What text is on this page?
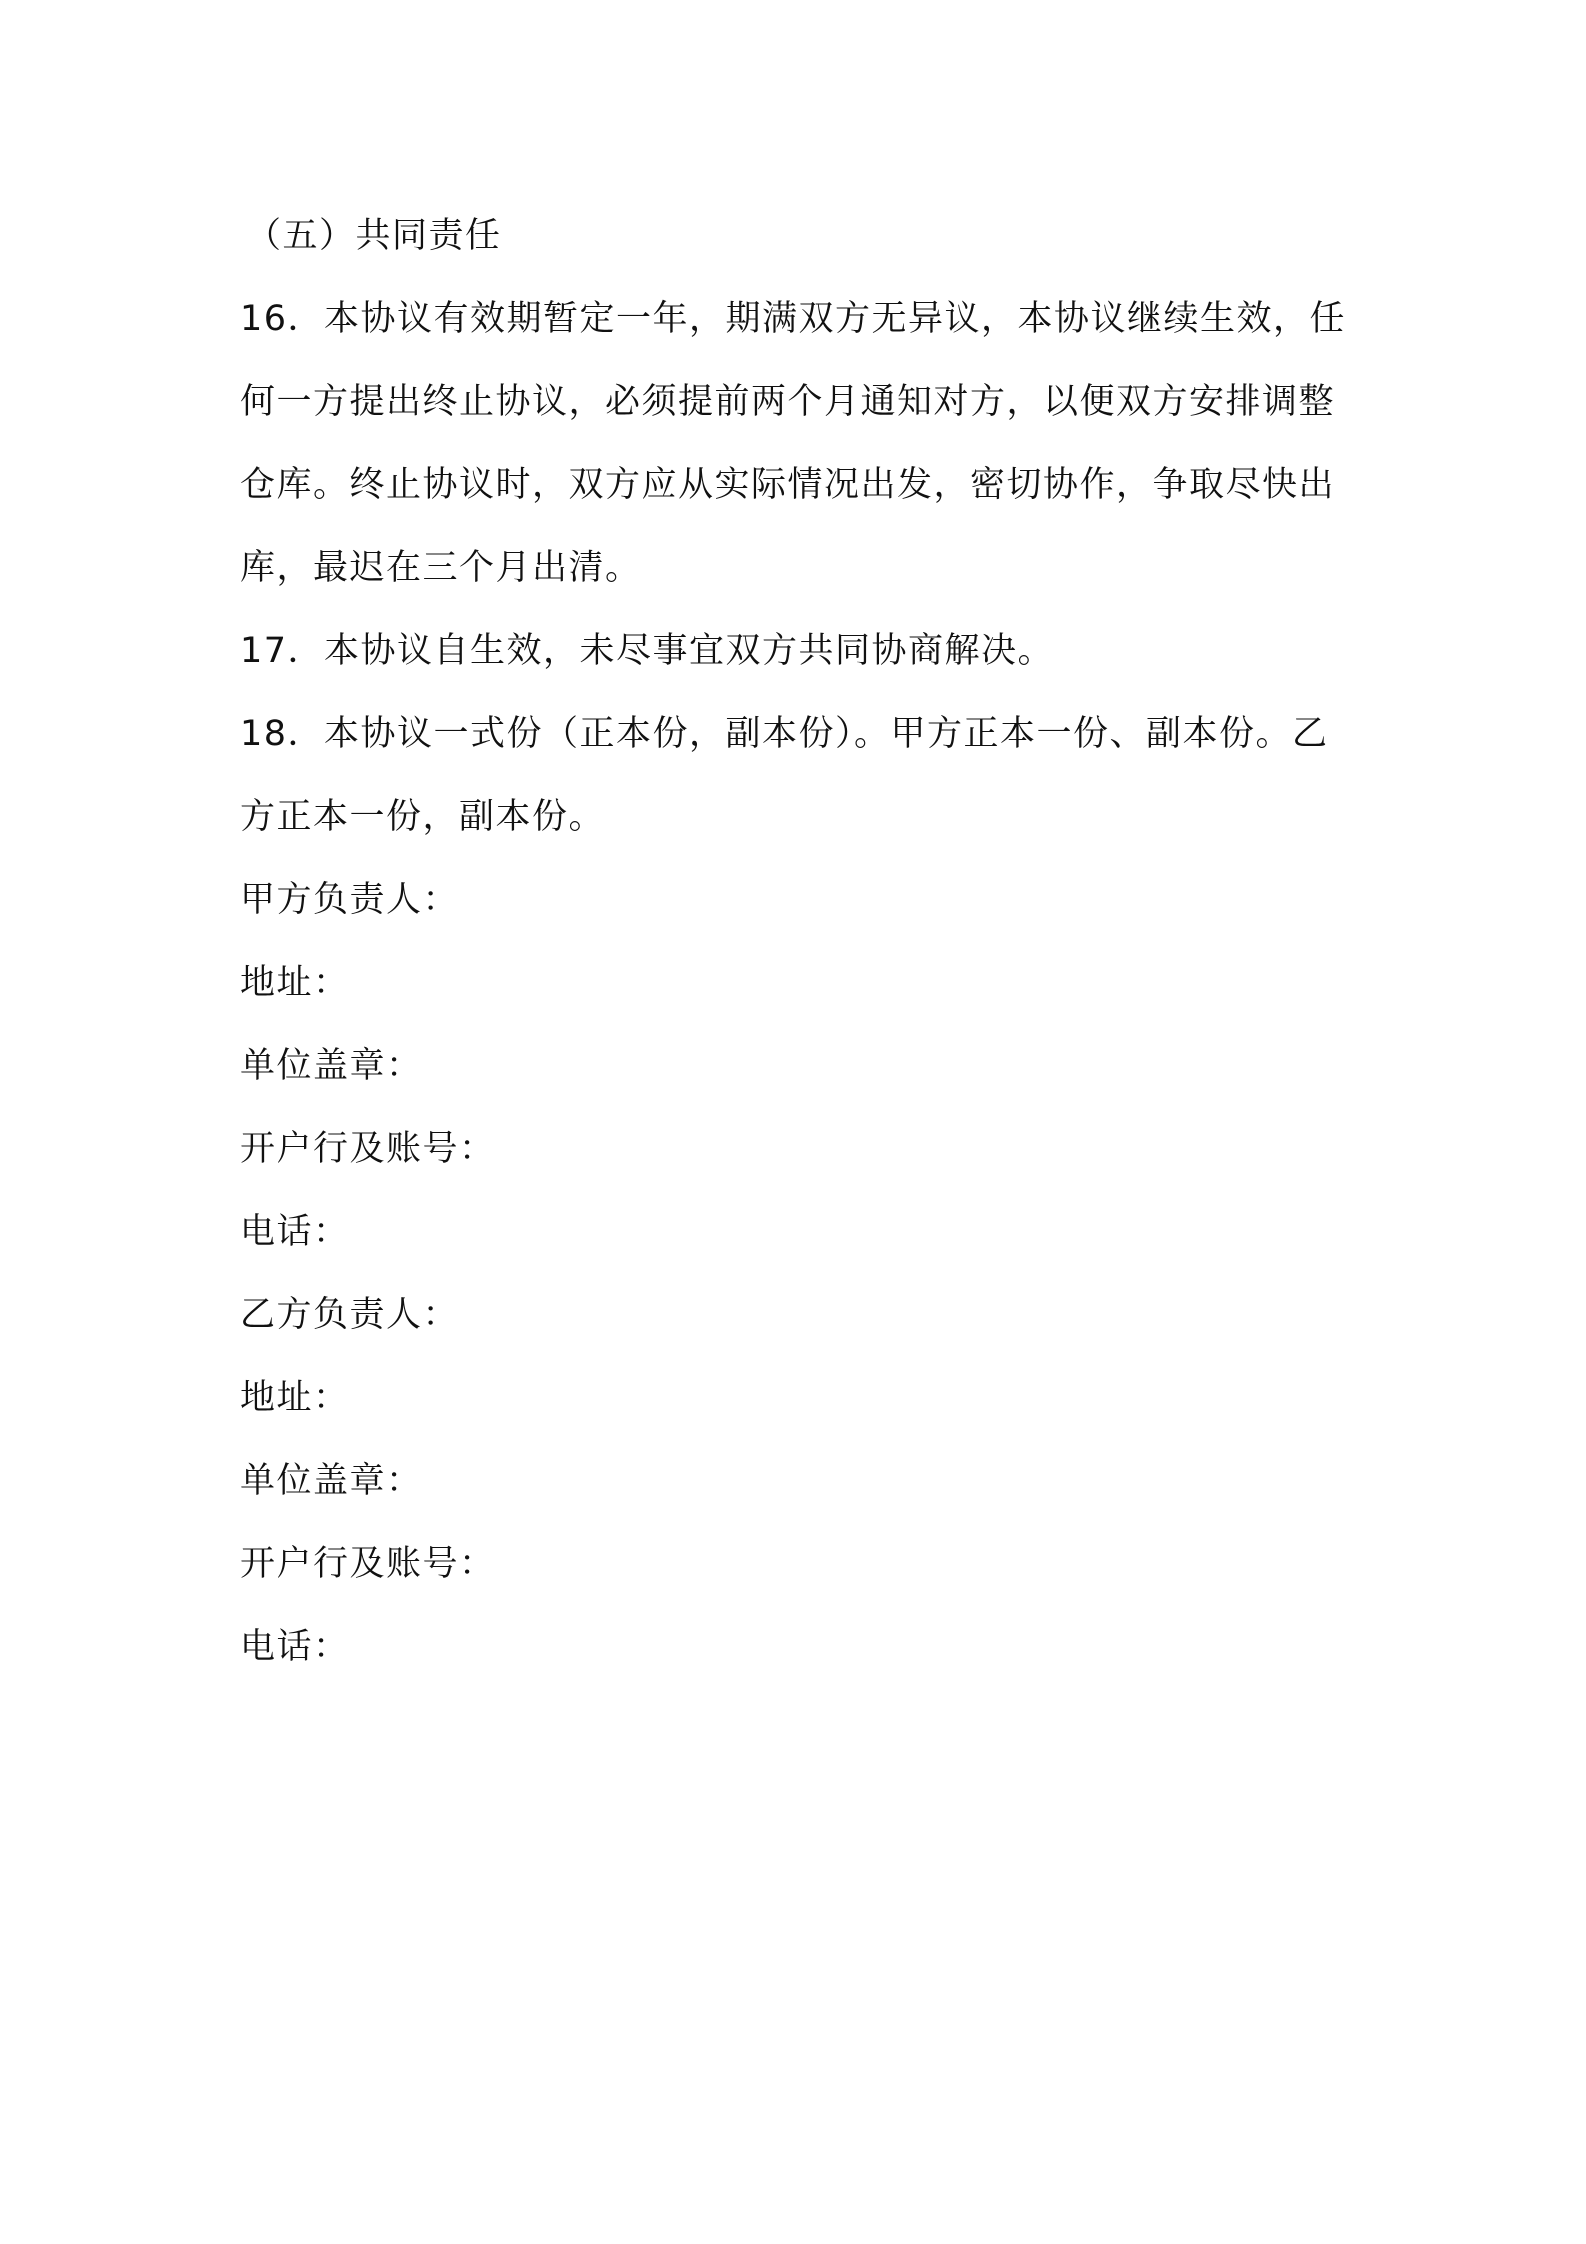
（五）共同责任
16．本协议有效期暂定一年，期满双方无异议，本协议继续生效，任
何一方提出终止协议，必须提前两个月通知对方，以便双方安排调整
仓库。终止协议时，双方应从实际情况出发，密切协作，争取尽快出
库，最迟在三个月出清。
17．本协议自生效，未尽事宜双方共同协商解决。
18．本协议一式份（正本份，副本份）。甲方正本一份、副本份。乙
方正本一份，副本份。
甲方负责人：
地址：
单位盖章：
开户行及账号：
电话：
乙方负责人：
地址：
单位盖章：
开户行及账号：
电话：
